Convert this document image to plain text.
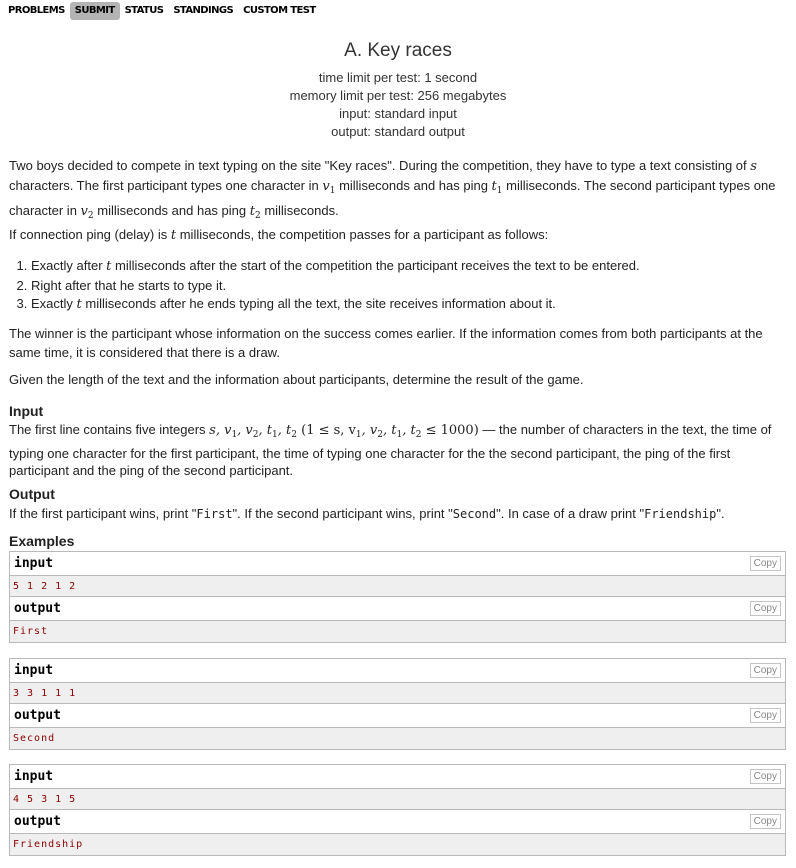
PROBLEMS	SUBMIT	STATUS	STANDINGS	CUSTOM TEST
A. Key races
time limit per test: 1 second
memory limit per test: 256 megabytes
input: standard input
output: standard output

Two boys decided to compete in text typing on the site "Key races". During the competition, they have to type a text consisting of s characters. The first participant types one character in $v_1$ milliseconds and has ping $t_1$ milliseconds. The second participant types one character in $v_2$ milliseconds and has ping $t_2$ milliseconds.

If connection ping (delay) is t milliseconds, the competition passes for a participant as follows:

1. Exactly after t milliseconds after the start of the competition the participant receives the text to be entered.
2. Right after that he starts to type it.
3. Exactly t milliseconds after he ends typing all the text, the site receives information about it.

The winner is the participant whose information on the success comes earlier. If the information comes from both participants at the same time, it is considered that there is a draw.

Given the length of the text and the information about participants, determine the result of the game.

Input

The first line contains five integers s, $v_1$, $v_2$, $t_1$, $t_2$ (1 ≤ s, $v_1$, $v_2$, $t_1$, $t_2 \le 1000$) — the number of characters in the text, the time of typing one character for the first participant, the time of typing one character for the the second participant, the ping of the first participant and the ping of the second participant.

Output

If the first participant wins, print "First". If the second participant wins, print "Second". In case of a draw print "Friendship".

Examples
input	Copy
5 1 2 1 2
output	Copy
First
input	Copy
3 3 1 1 1
output	Copy
Second
input	Copy
4 5 3 1 5
output	Copy
Friendship
